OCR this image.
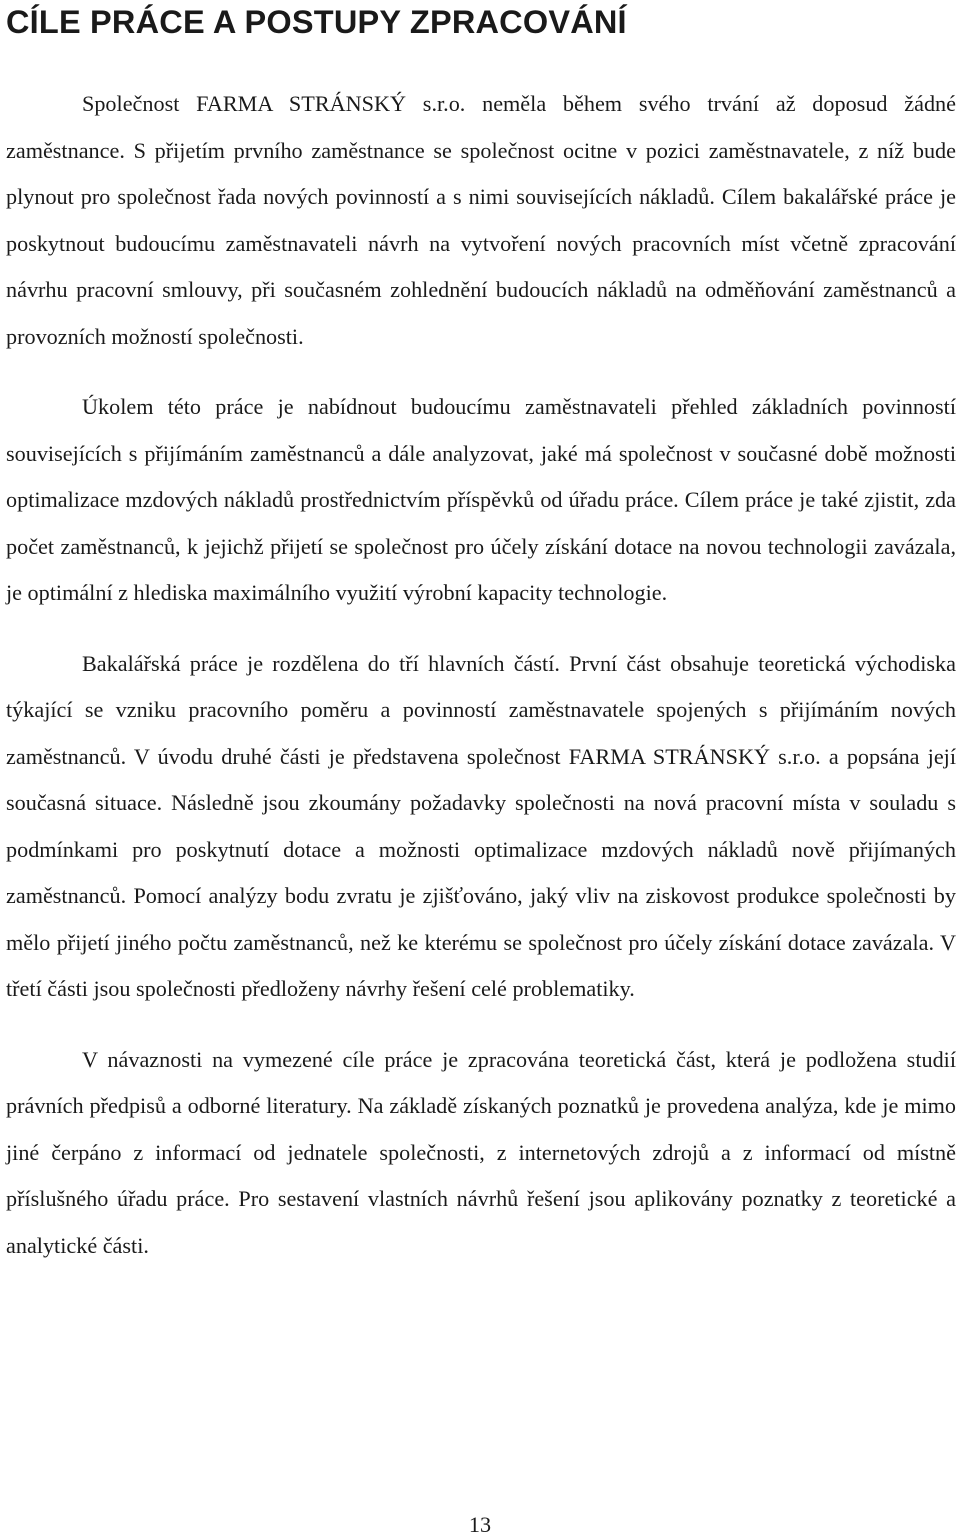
CÍLE PRÁCE A POSTUPY ZPRACOVÁNÍ

Společnost FARMA STRÁNSKÝ s.r.o. neměla během svého trvání až doposud žádné zaměstnance. S přijetím prvního zaměstnance se společnost ocitne v pozici zaměstnavatele, z níž bude plynout pro společnost řada nových povinností a s nimi souvisejících nákladů. Cílem bakalářské práce je poskytnout budoucímu zaměstnavateli návrh na vytvoření nových pracovních míst včetně zpracování návrhu pracovní smlouvy, při současném zohlednění budoucích nákladů na odměňování zaměstnanců a provozních možností společnosti.

Úkolem této práce je nabídnout budoucímu zaměstnavateli přehled základních povinností souvisejících s přijímáním zaměstnanců a dále analyzovat, jaké má společnost v současné době možnosti optimalizace mzdových nákladů prostřednictvím příspěvků od úřadu práce. Cílem práce je také zjistit, zda počet zaměstnanců, k jejichž přijetí se společnost pro účely získání dotace na novou technologii zavázala, je optimální z hlediska maximálního využití výrobní kapacity technologie.

Bakalářská práce je rozdělena do tří hlavních částí. První část obsahuje teoretická východiska týkající se vzniku pracovního poměru a povinností zaměstnavatele spojených s přijímáním nových zaměstnanců. V úvodu druhé části je představena společnost FARMA STRÁNSKÝ s.r.o. a popsána její současná situace. Následně jsou zkoumány požadavky společnosti na nová pracovní místa v souladu s podmínkami pro poskytnutí dotace a možnosti optimalizace mzdových nákladů nově přijímaných zaměstnanců. Pomocí analýzy bodu zvratu je zjišťováno, jaký vliv na ziskovost produkce společnosti by mělo přijetí jiného počtu zaměstnanců, než ke kterému se společnost pro účely získání dotace zavázala. V třetí části jsou společnosti předloženy návrhy řešení celé problematiky.

V návaznosti na vymezené cíle práce je zpracována teoretická část, která je podložena studií právních předpisů a odborné literatury. Na základě získaných poznatků je provedena analýza, kde je mimo jiné čerpáno z informací od jednatele společnosti, z internetových zdrojů a z informací od místně příslušného úřadu práce. Pro sestavení vlastních návrhů řešení jsou aplikovány poznatky z teoretické a analytické části.

13
